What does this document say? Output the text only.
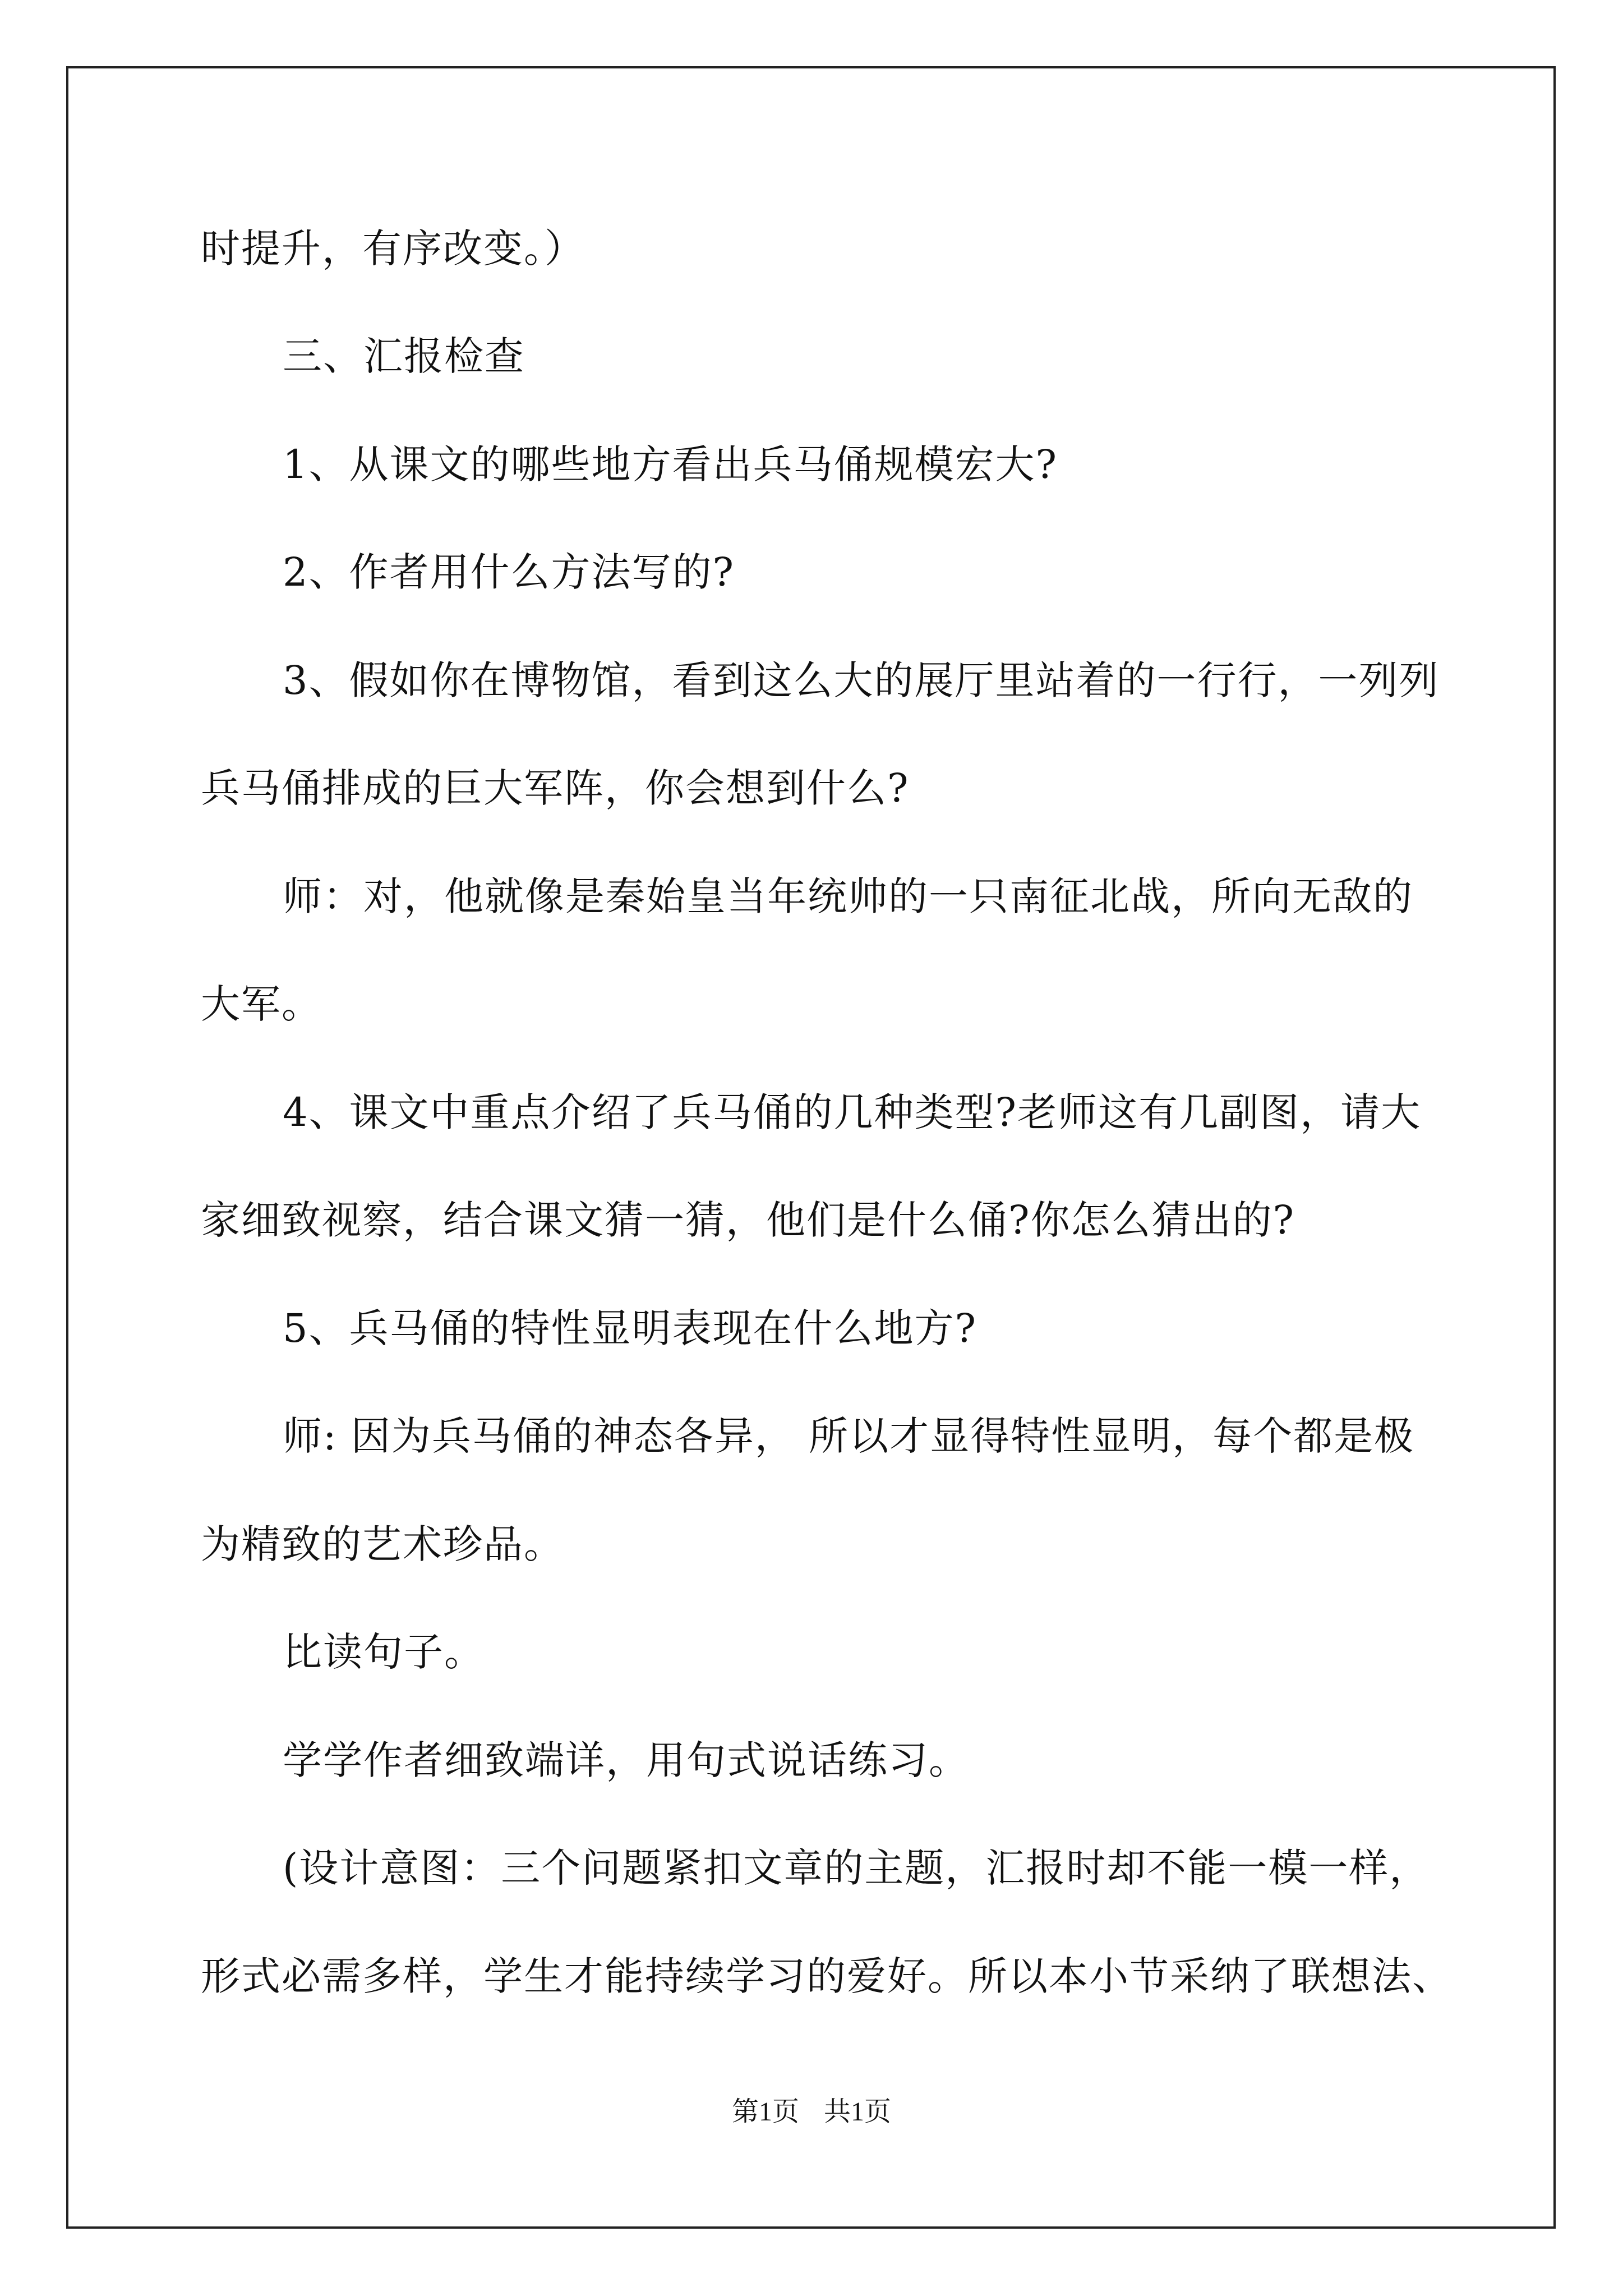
时提升，有序改变。）

三、汇报检查

1、从课文的哪些地方看出兵马俑规模宏大?

2、作者用什么方法写的?

3、假如你在博物馆，看到这么大的展厅里站着的一行行，一列列

兵马俑排成的巨大军阵，你会想到什么?

师：对，他就像是秦始皇当年统帅的一只南征北战，所向无敌的

大军。

4、课文中重点介绍了兵马俑的几种类型?老师这有几副图，请大

家细致视察，结合课文猜一猜，他们是什么俑?你怎么猜出的?

5、兵马俑的特性显明表现在什么地方?

师: 因为兵马俑的神态各异， 所以才显得特性显明，每个都是极

为精致的艺术珍品。

比读句子。

学学作者细致端详，用句式说话练习。

(设计意图：三个问题紧扣文章的主题，汇报时却不能一模一样，

形式必需多样，学生才能持续学习的爱好。所以本小节采纳了联想法、

第1页 共1页
